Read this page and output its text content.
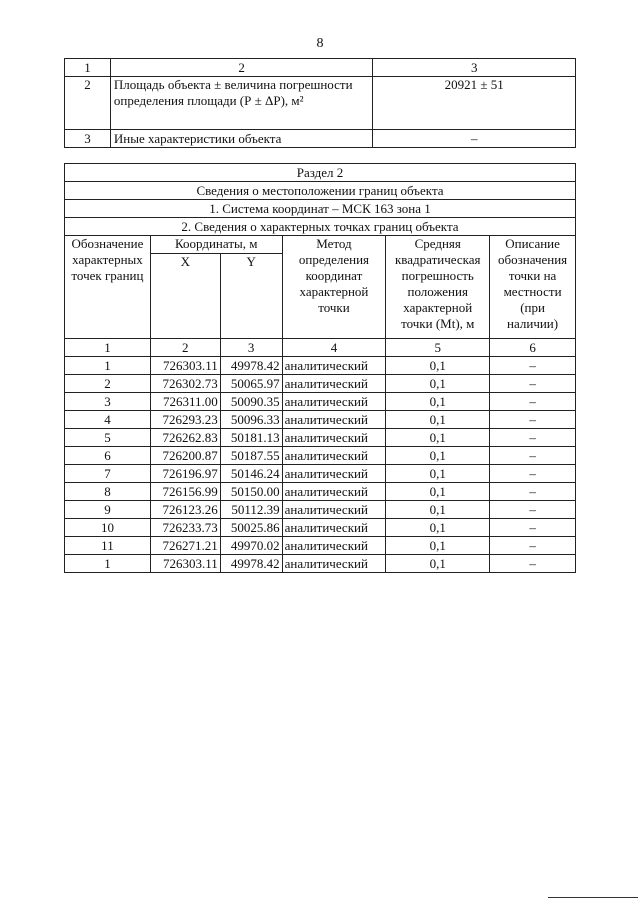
8
1	2	3
2	Площадь объекта ± величина погрешности определения площади (Р ± ΔР), м²	20921 ± 51
3	Иные характеристики объекта	–
Раздел 2					
Сведения о местоположении границ объекта					
1. Система координат – МСК 163 зона 1					
2. Сведения о характерных точках границ объекта					
Обозначение характерных точек границ	Координаты, м		Метод определения координат характерной точки	Средняя квадратическая погрешность положения характерной точки (Mt), м	Описание обозначения точки на местности (при наличии)
	X	Y			
1	2	3	4	5	6
1	726303.11	49978.42	аналитический	0,1	–
2	726302.73	50065.97	аналитический	0,1	–
3	726311.00	50090.35	аналитический	0,1	–
4	726293.23	50096.33	аналитический	0,1	–
5	726262.83	50181.13	аналитический	0,1	–
6	726200.87	50187.55	аналитический	0,1	–
7	726196.97	50146.24	аналитический	0,1	–
8	726156.99	50150.00	аналитический	0,1	–
9	726123.26	50112.39	аналитический	0,1	–
10	726233.73	50025.86	аналитический	0,1	–
11	726271.21	49970.02	аналитический	0,1	–
1	726303.11	49978.42	аналитический	0,1	–
